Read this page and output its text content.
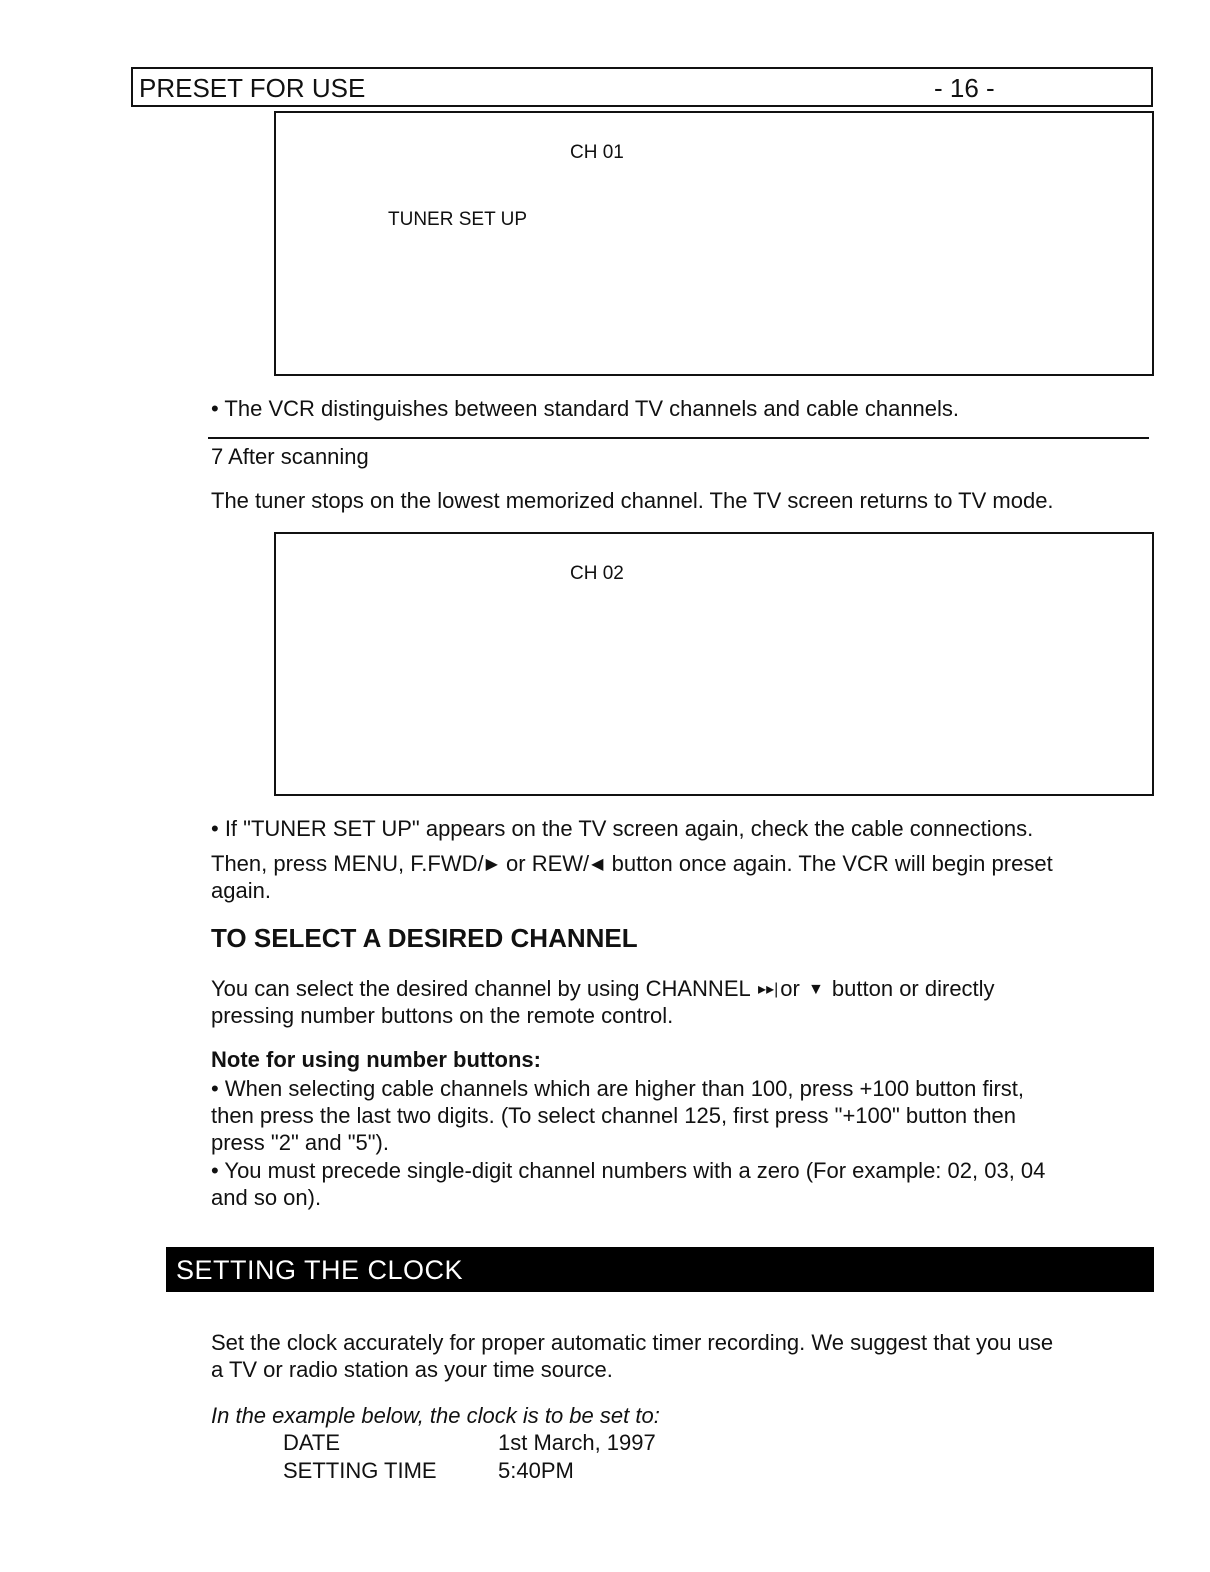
PRESET FOR USE	- 16 -
CH 01
TUNER SET UP
• The VCR distinguishes between standard TV channels and cable channels.
7 After scanning
The tuner stops on the lowest memorized channel. The TV screen returns to TV mode.
CH 02
• If "TUNER SET UP" appears on the TV screen again, check the cable connections.
Then, press MENU, F.FWD/ ▶ or REW/ ◀ button once again. The VCR will begin preset
again.
TO SELECT A DESIRED CHANNEL
You can select the desired channel by using CHANNEL ▸▸|or ▼ button or directly
pressing number buttons on the remote control.
Note for using number buttons:
• When selecting cable channels which are higher than 100, press +100 button first,
then press the last two digits. (To select channel 125, first press "+100" button then
press "2" and "5").
• You must precede single-digit channel numbers with a zero (For example: 02, 03, 04
and so on).
SETTING THE CLOCK
Set the clock accurately for proper automatic timer recording. We suggest that you use
a TV or radio station as your time source.
In the example below, the clock is to be set to:
DATE	1st March, 1997
SETTING TIME	5:40PM
